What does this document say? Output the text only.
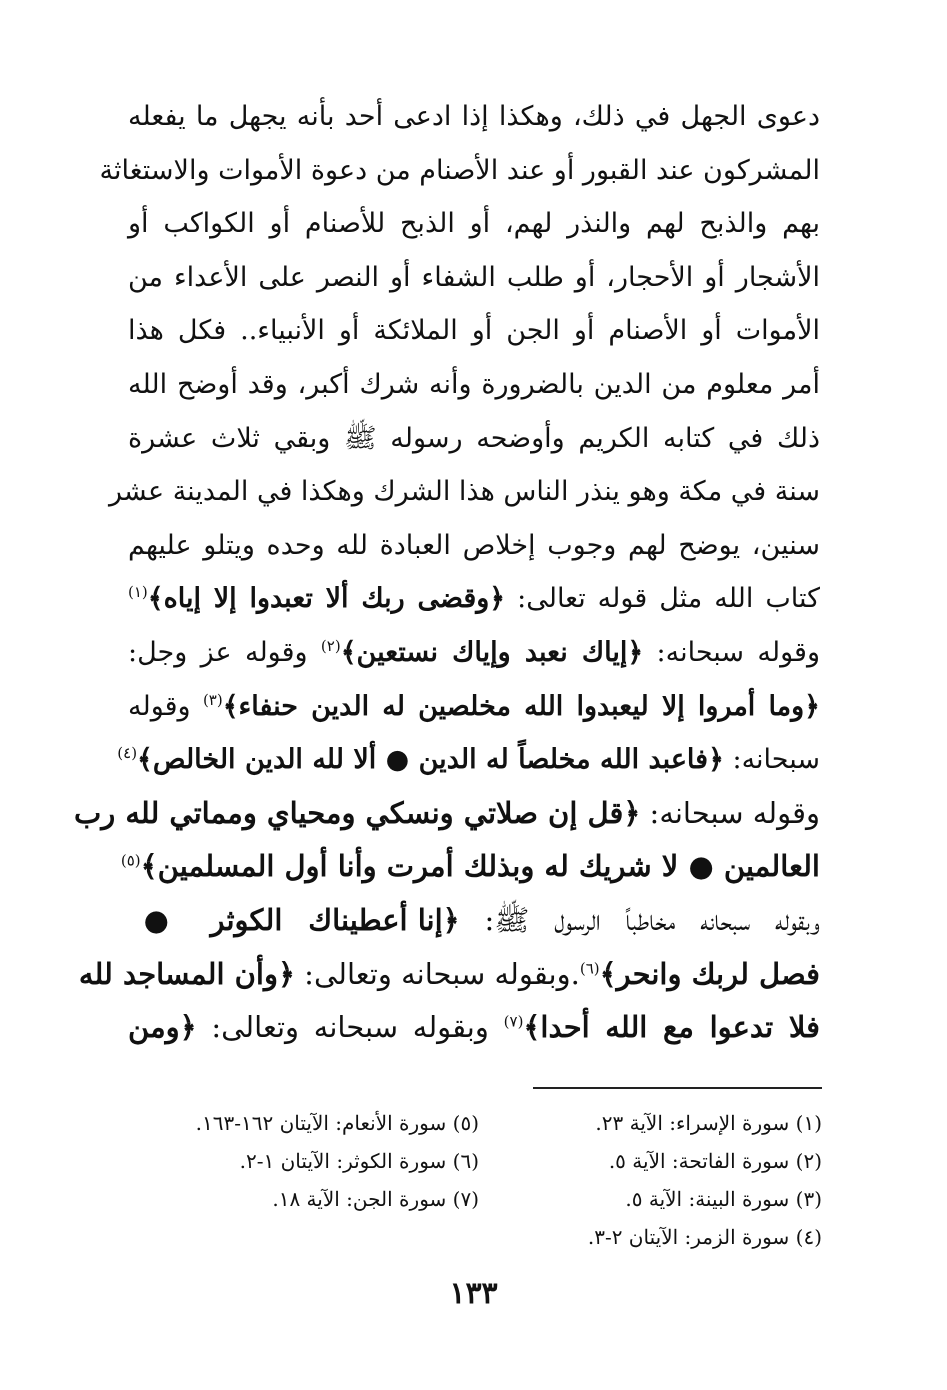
دعوى الجهل في ذلك، وهكذا إذا ادعى أحد بأنه يجهل ما يفعله
المشركون عند القبور أو عند الأصنام من دعوة الأموات والاستغاثة
بهم والذبح لهم والنذر لهم، أو الذبح للأصنام أو الكواكب أو
الأشجار أو الأحجار، أو طلب الشفاء أو النصر على الأعداء من
الأموات أو الأصنام أو الجن أو الملائكة أو الأنبياء.. فكل هذا
أمر معلوم من الدين بالضرورة وأنه شرك أكبر، وقد أوضح الله
ذلك في كتابه الكريم وأوضحه رسوله ﷺ وبقي ثلاث عشرة
سنة في مكة وهو ينذر الناس هذا الشرك وهكذا في المدينة عشر
سنين، يوضح لهم وجوب إخلاص العبادة لله وحده ويتلو عليهم
كتاب الله مثل قوله تعالى: ﴿وقضى ربك ألا تعبدوا إلا إياه﴾$^{(١)}$
وقوله سبحانه: ﴿إياك نعبد وإياك نستعين﴾$^{(٢)}$ وقوله عز وجل:
﴿وما أمروا إلا ليعبدوا الله مخلصين له الدين حنفاء﴾$^{(٣)}$ وقوله
سبحانه: ﴿فاعبد الله مخلصاً له الدين ● ألا لله الدين الخالص﴾$^{(٤)}$
وقوله سبحانه: ﴿قل إن صلاتي ونسكي ومحياي ومماتي لله رب
العالمين ● لا شريك له وبذلك أمرت وأنا أول المسلمين﴾$^{(٥)}$
وبقوله سبحانه مخاطباً الرسول ﷺ: ﴿إنا أعطيناك الكوثر ●
فصل لربك وانحر﴾$^{(٦)}$.وبقوله سبحانه وتعالى: ﴿وأن المساجد لله
فلا تدعوا مع الله أحدا﴾$^{(٧)}$ وبقوله سبحانه وتعالى: ﴿ومن
(١) سورة الإسراء: الآية ٢٣.
(٢) سورة الفاتحة: الآية ٥.
(٣) سورة البينة: الآية ٥.
(٤) سورة الزمر: الآيتان ٢-٣.
(٥) سورة الأنعام: الآيتان ١٦٢-١٦٣.
(٦) سورة الكوثر: الآيتان ١-٢.
(٧) سورة الجن: الآية ١٨.
١٣٣
